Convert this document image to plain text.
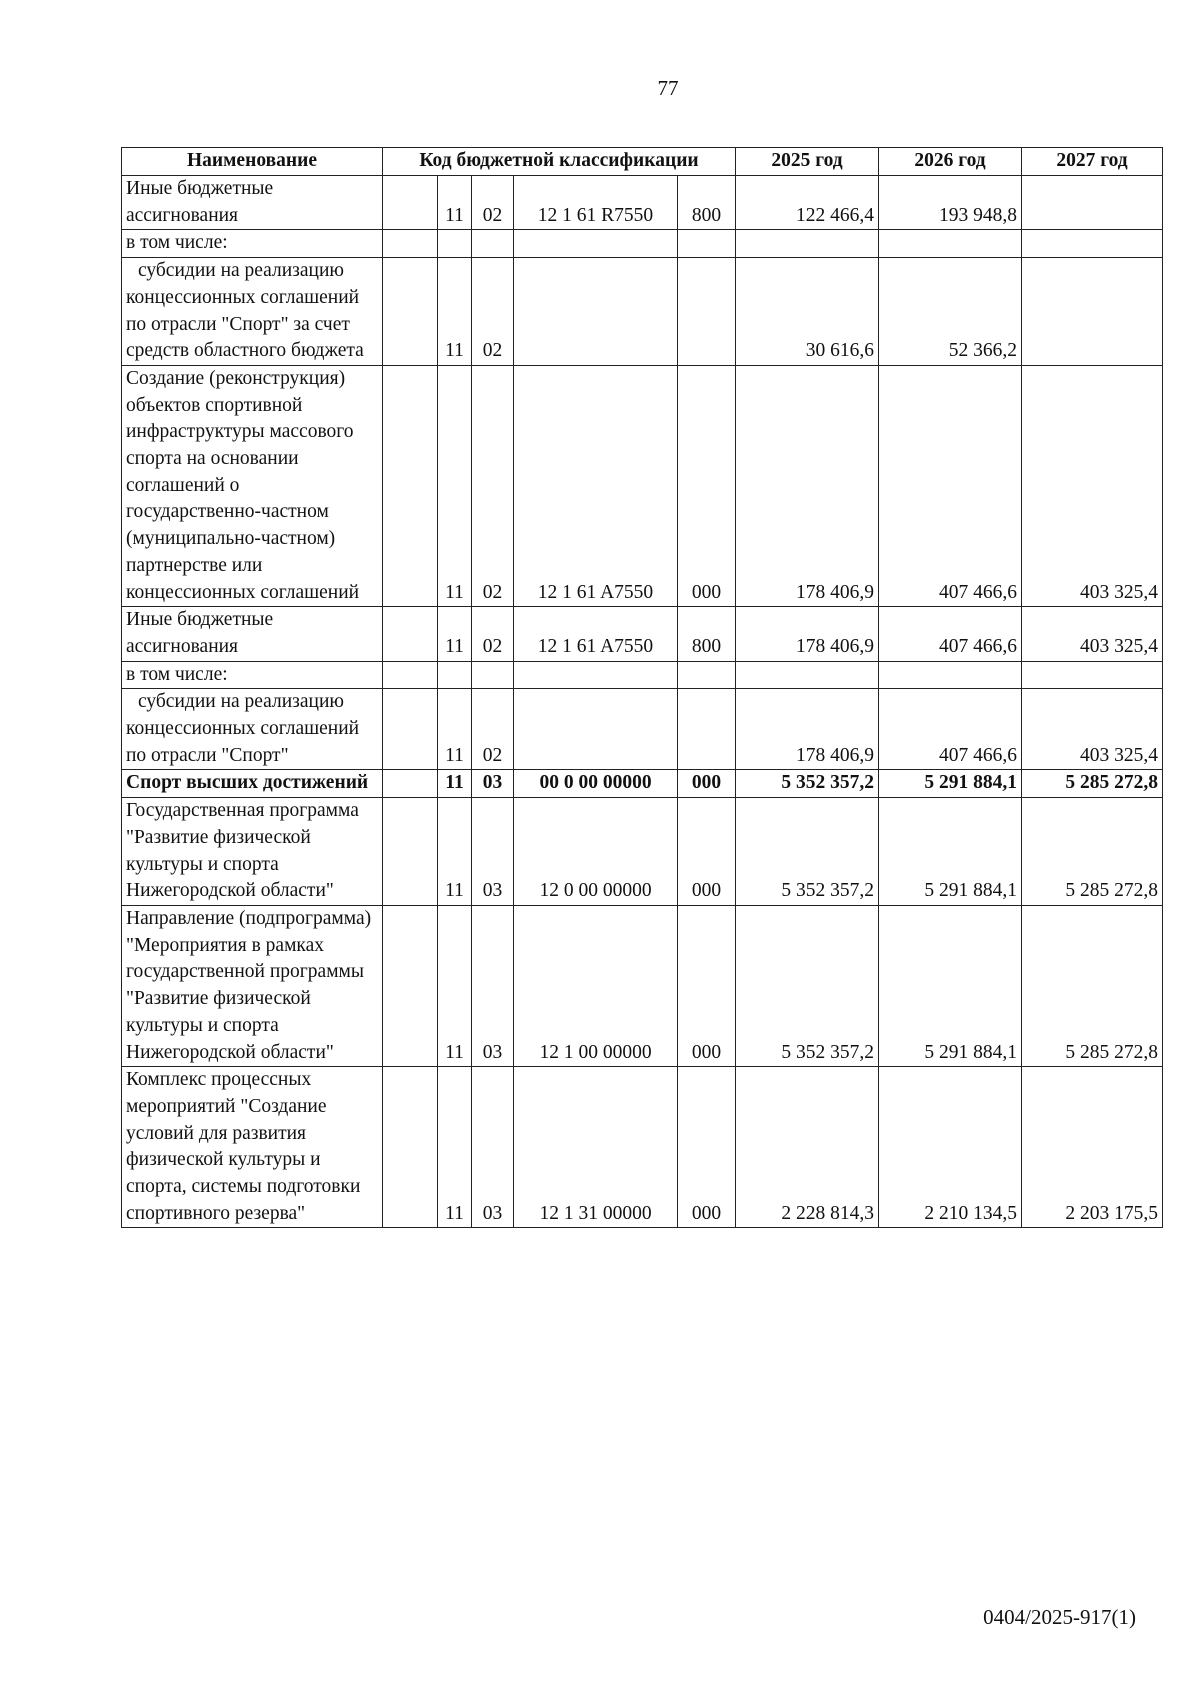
77
Наименование	Код бюджетной классификации					2025 год	2026 год	2027 год
Иные бюджетные ассигнования		11	02	12 1 61 R7550	800	122 466,4	193 948,8	
в том числе:								

субсидии на реализацию концессионных соглашений по отрасли "Спорт" за счет средств областного бюджета		11	02			30 616,6	52 366,2	
Создание (реконструкция) объектов спортивной инфраструктуры массового спорта на основании соглашений о государственно-частном (муниципально-частном) партнерстве или концессионных соглашений		11	02	12 1 61 A7550	000	178 406,9	407 466,6	403 325,4
Иные бюджетные ассигнования		11	02	12 1 61 A7550	800	178 406,9	407 466,6	403 325,4
в том числе:								

субсидии на реализацию концессионных соглашений по отрасли "Спорт"		11	02			178 406,9	407 466,6	403 325,4
Спорт высших достижений		11	03	00 0 00 00000	000	5 352 357,2	5 291 884,1	5 285 272,8
Государственная программа "Развитие физической культуры и спорта Нижегородской области"		11	03	12 0 00 00000	000	5 352 357,2	5 291 884,1	5 285 272,8
Направление (подпрограмма) "Мероприятия в рамках государственной программы "Развитие физической культуры и спорта Нижегородской области"		11	03	12 1 00 00000	000	5 352 357,2	5 291 884,1	5 285 272,8
Комплекс процессных мероприятий "Создание условий для развития физической культуры и спорта, системы подготовки спортивного резерва"		11	03	12 1 31 00000	000	2 228 814,3	2 210 134,5	2 203 175,5
0404/2025-917(1)
